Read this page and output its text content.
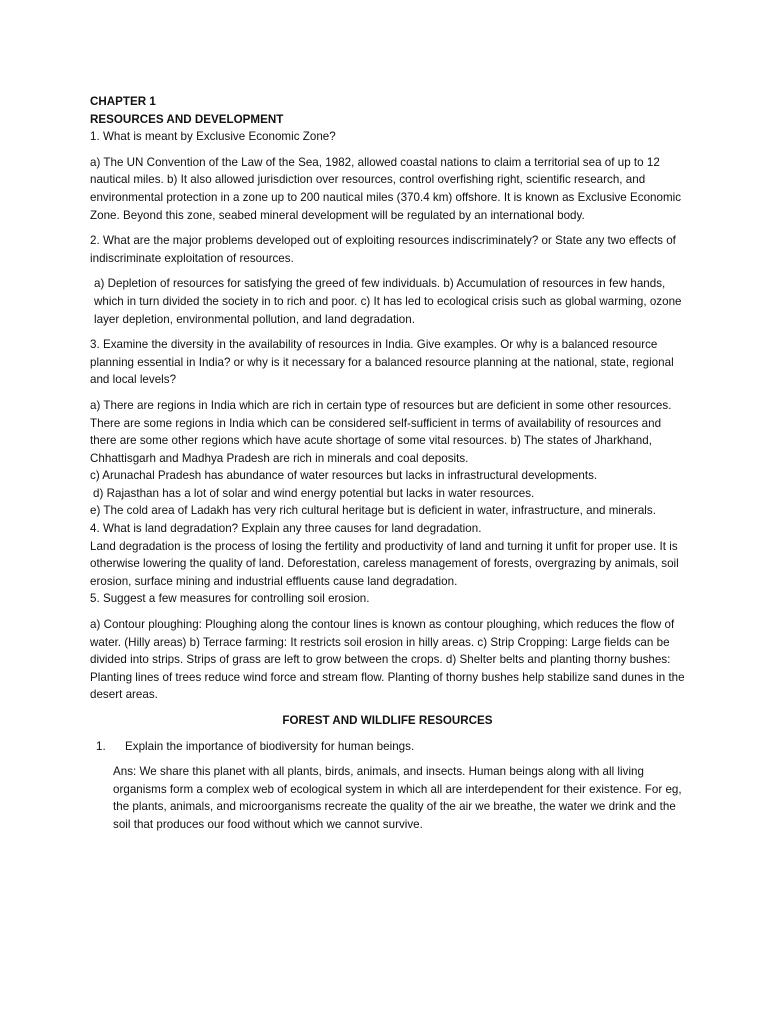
CHAPTER 1

RESOURCES AND DEVELOPMENT

1. What is meant by Exclusive Economic Zone?

a) The UN Convention of the Law of the Sea, 1982, allowed coastal nations to claim a territorial sea of up to 12 nautical miles. b) It also allowed jurisdiction over resources, control overfishing right, scientific research, and environmental protection in a zone up to 200 nautical miles (370.4 km) offshore. It is known as Exclusive Economic Zone. Beyond this zone, seabed mineral development will be regulated by an international body.

2. What are the major problems developed out of exploiting resources indiscriminately? or State any two effects of indiscriminate exploitation of resources.

a) Depletion of resources for satisfying the greed of few individuals. b) Accumulation of resources in few hands, which in turn divided the society in to rich and poor. c) It has led to ecological crisis such as global warming, ozone layer depletion, environmental pollution, and land degradation.

3. Examine the diversity in the availability of resources in India. Give examples. Or why is a balanced resource planning essential in India? or why is it necessary for a balanced resource planning at the national, state, regional and local levels?

a) There are regions in India which are rich in certain type of resources but are deficient in some other resources. There are some regions in India which can be considered self-sufficient in terms of availability of resources and there are some other regions which have acute shortage of some vital resources. b) The states of Jharkhand, Chhattisgarh and Madhya Pradesh are rich in minerals and coal deposits.

c) Arunachal Pradesh has abundance of water resources but lacks in infrastructural developments.

d) Rajasthan has a lot of solar and wind energy potential but lacks in water resources.

e) The cold area of Ladakh has very rich cultural heritage but is deficient in water, infrastructure, and minerals.

4. What is land degradation? Explain any three causes for land degradation.

Land degradation is the process of losing the fertility and productivity of land and turning it unfit for proper use. It is otherwise lowering the quality of land. Deforestation, careless management of forests, overgrazing by animals, soil erosion, surface mining and industrial effluents cause land degradation.

5. Suggest a few measures for controlling soil erosion.

a) Contour ploughing: Ploughing along the contour lines is known as contour ploughing, which reduces the flow of water. (Hilly areas) b) Terrace farming: It restricts soil erosion in hilly areas. c) Strip Cropping: Large fields can be divided into strips. Strips of grass are left to grow between the crops. d) Shelter belts and planting thorny bushes: Planting lines of trees reduce wind force and stream flow. Planting of thorny bushes help stabilize sand dunes in the desert areas.

FOREST AND WILDLIFE RESOURCES

1.	Explain the importance of biodiversity for human beings.

Ans: We share this planet with all plants, birds, animals, and insects. Human beings along with all living organisms form a complex web of ecological system in which all are interdependent for their existence. For eg, the plants, animals, and microorganisms recreate the quality of the air we breathe, the water we drink and the soil that produces our food without which we cannot survive.
